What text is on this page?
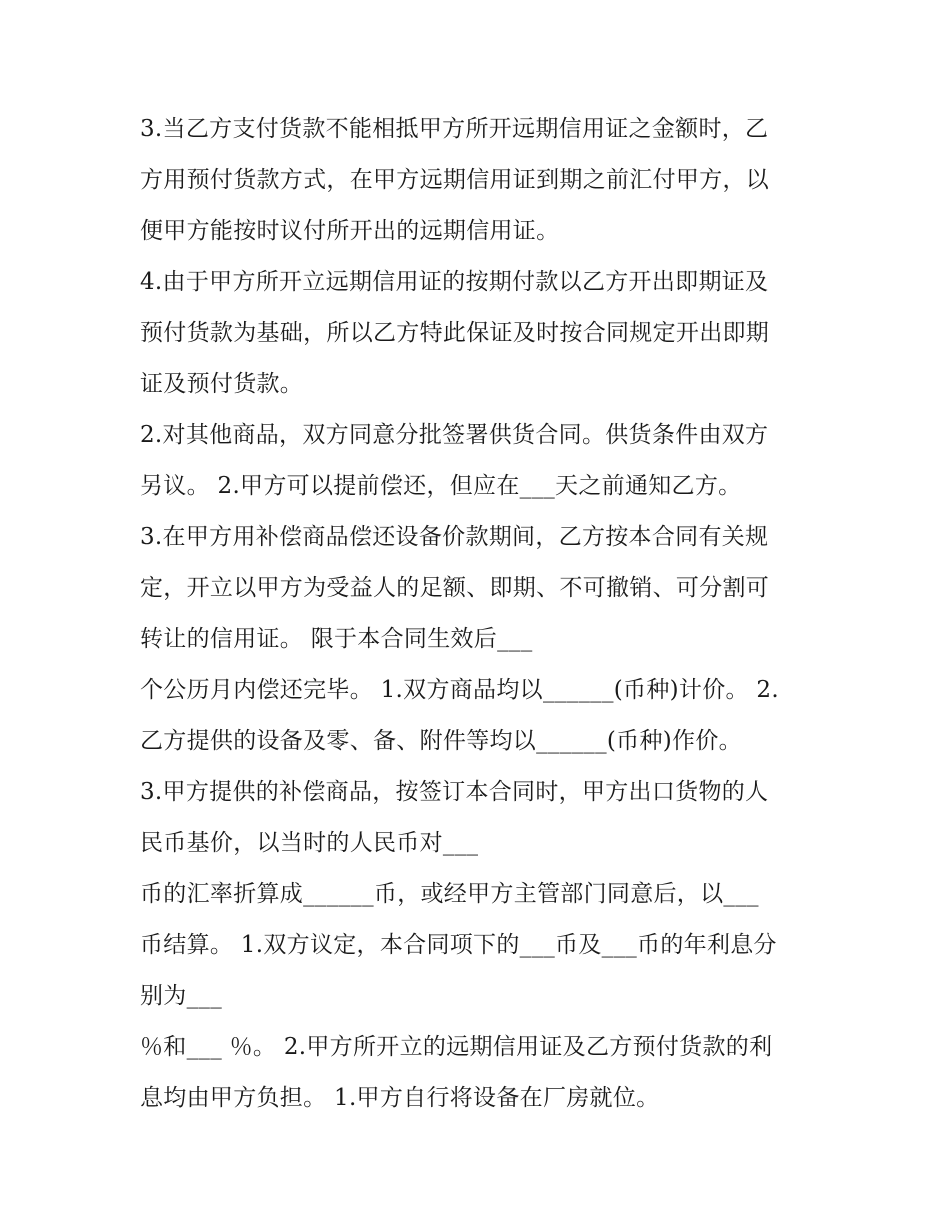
3.当乙方支付货款不能相抵甲方所开远期信用证之金额时，乙
方用预付货款方式，在甲方远期信用证到期之前汇付甲方，以
便甲方能按时议付所开出的远期信用证。
4.由于甲方所开立远期信用证的按期付款以乙方开出即期证及
预付货款为基础，所以乙方特此保证及时按合同规定开出即期
证及预付货款。
2.对其他商品，双方同意分批签署供货合同。供货条件由双方
另议。 2.甲方可以提前偿还，但应在___天之前通知乙方。
3.在甲方用补偿商品偿还设备价款期间，乙方按本合同有关规
定，开立以甲方为受益人的足额、即期、不可撤销、可分割可
转让的信用证。 限于本合同生效后___
个公历月内偿还完毕。 1.双方商品均以______(币种)计价。 2.
乙方提供的设备及零、备、附件等均以______(币种)作价。
3.甲方提供的补偿商品，按签订本合同时，甲方出口货物的人
民币基价，以当时的人民币对___
币的汇率折算成______币，或经甲方主管部门同意后，以___
币结算。 1.双方议定，本合同项下的___币及___币的年利息分
别为___
％和___ ％。 2.甲方所开立的远期信用证及乙方预付货款的利
息均由甲方负担。 1.甲方自行将设备在厂房就位。
